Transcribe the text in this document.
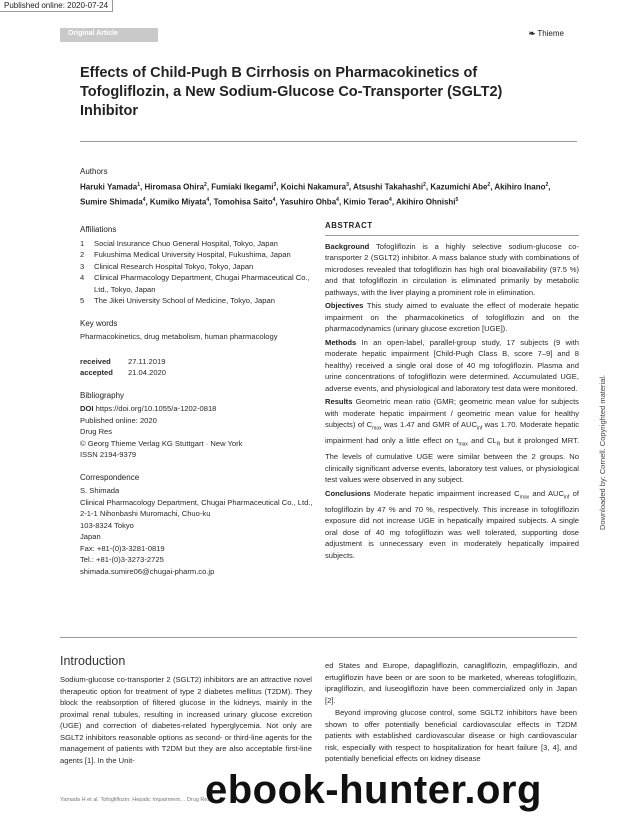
Published online: 2020-07-24
Original Article	❧ Thieme
Effects of Child-Pugh B Cirrhosis on Pharmacokinetics of Tofogliflozin, a New Sodium-Glucose Co-Transporter (SGLT2) Inhibitor
Authors
Haruki Yamada$^1$, Hiromasa Ohira$^2$, Fumiaki Ikegami$^3$, Koichi Nakamura$^3$, Atsushi Takahashi$^2$, Kazumichi Abe$^2$, Akihiro Inano$^2$,
Sumire Shimada$^4$, Kumiko Miyata$^4$, Tomohisa Saito$^4$, Yasuhiro Ohba$^4$, Kimio Terao$^4$, Akihiro Ohnishi$^5$
Affiliations
1	Social Insurance Chuo General Hospital, Tokyo, Japan
2	Fukushima Medical University Hospital, Fukushima, Japan
3	Clinical Research Hospital Tokyo, Tokyo, Japan
4	Clinical Pharmacology Department, Chugai Pharmaceutical Co., Ltd., Tokyo, Japan
5	The Jikei University School of Medicine, Tokyo, Japan
Key words
Pharmacokinetics, drug metabolism, human pharmacology
received	27.11.2019
accepted	21.04.2020
Bibliography
DOI https://doi.org/10.1055/a-1202-0818
Published online: 2020
Drug Res
© Georg Thieme Verlag KG Stuttgart · New York
ISSN 2194-9379
Correspondence
S. Shimada
Clinical Pharmacology Department, Chugai Pharmaceutical Co., Ltd.,
2-1-1 Nihonbashi Muromachi, Chuo-ku
103-8324 Tokyo
Japan
Fax: +81-(0)3-3281-0819
Tel.: +81-(0)3-3273-2725
shimada.sumire06@chugai-pharm.co.jp
ABSTRACT

Background Tofogliflozin is a highly selective sodium-glucose co-transporter 2 (SGLT2) inhibitor. A mass balance study with combinations of microdoses revealed that tofogliflozin has high oral bioavailability (97.5 %) and that tofogliflozin in circulation is eliminated primarily by metabolic pathways, with the liver playing a prominent role in elimination.

Objectives This study aimed to evaluate the effect of moderate hepatic impairment on the pharmacokinetics of tofogliflozin and on the pharmacodynamics (urinary glucose excretion [UGE]).

Methods In an open-label, parallel-group study, 17 subjects (9 with moderate hepatic impairment [Child-Pugh Class B, score 7–9] and 8 healthy) received a single oral dose of 40 mg tofogliflozin. Plasma and urine concentrations of tofogliflozin were determined. Accumulated UGE, adverse events, and physiological and laboratory test data were monitored.

Results Geometric mean ratio (GMR; geometric mean value for subjects with moderate hepatic impairment / geometric mean value for healthy subjects) of $C_{max}$ was 1.47 and GMR of $AUC_{inf}$ was 1.70. Moderate hepatic impairment had only a little effect on $t_{max}$ and $CL_R$ but it prolonged MRT. The levels of cumulative UGE were similar between the 2 groups. No clinically significant adverse events, laboratory test values, or physiological test values were observed in any subject.

Conclusions Moderate hepatic impairment increased $C_{max}$ and $AUC_{inf}$ of tofogliflozin by 47 % and 70 %, respectively. This increase in tofogliflozin exposure did not increase UGE in hepatically impaired subjects. A single oral dose of 40 mg tofogliflozin was well tolerated, supporting dose adjustment is unnecessary even in moderately hepatically impaired subjects.

Downloaded by: Cornell. Copyrighted material.
Introduction

Sodium-glucose co-transporter 2 (SGLT2) inhibitors are an attractive novel therapeutic option for treatment of type 2 diabetes mellitus (T2DM). They block the reabsorption of filtered glucose in the kidneys, mainly in the proximal renal tubules, resulting in increased urinary glucose excretion (UGE) and correction of diabetes-related hyperglycemia. Not only are SGLT2 inhibitors reasonable options as second- or third-line agents for the management of patients with T2DM but they are also acceptable first-line agents [1]. In the Unit-

ed States and Europe, dapagliflozin, canagliflozin, empagliflozin, and ertugliflozin have been or are soon to be marketed, whereas tofogliflozin, ipragliflozin, and luseogliflozin have been commercialized only in Japan [2].

Beyond improving glucose control, some SGLT2 inhibitors have been shown to offer potentially beneficial cardiovascular effects in T2DM patients with established cardiovascular disease or high cardiovascular risk, especially with respect to hospitalization for heart failure [3, 4], and potentially beneficial effects on kidney disease

Yamada H et al. Tofogliflozin: Hepatic Impairment… Drug Res
ebook-hunter.org
